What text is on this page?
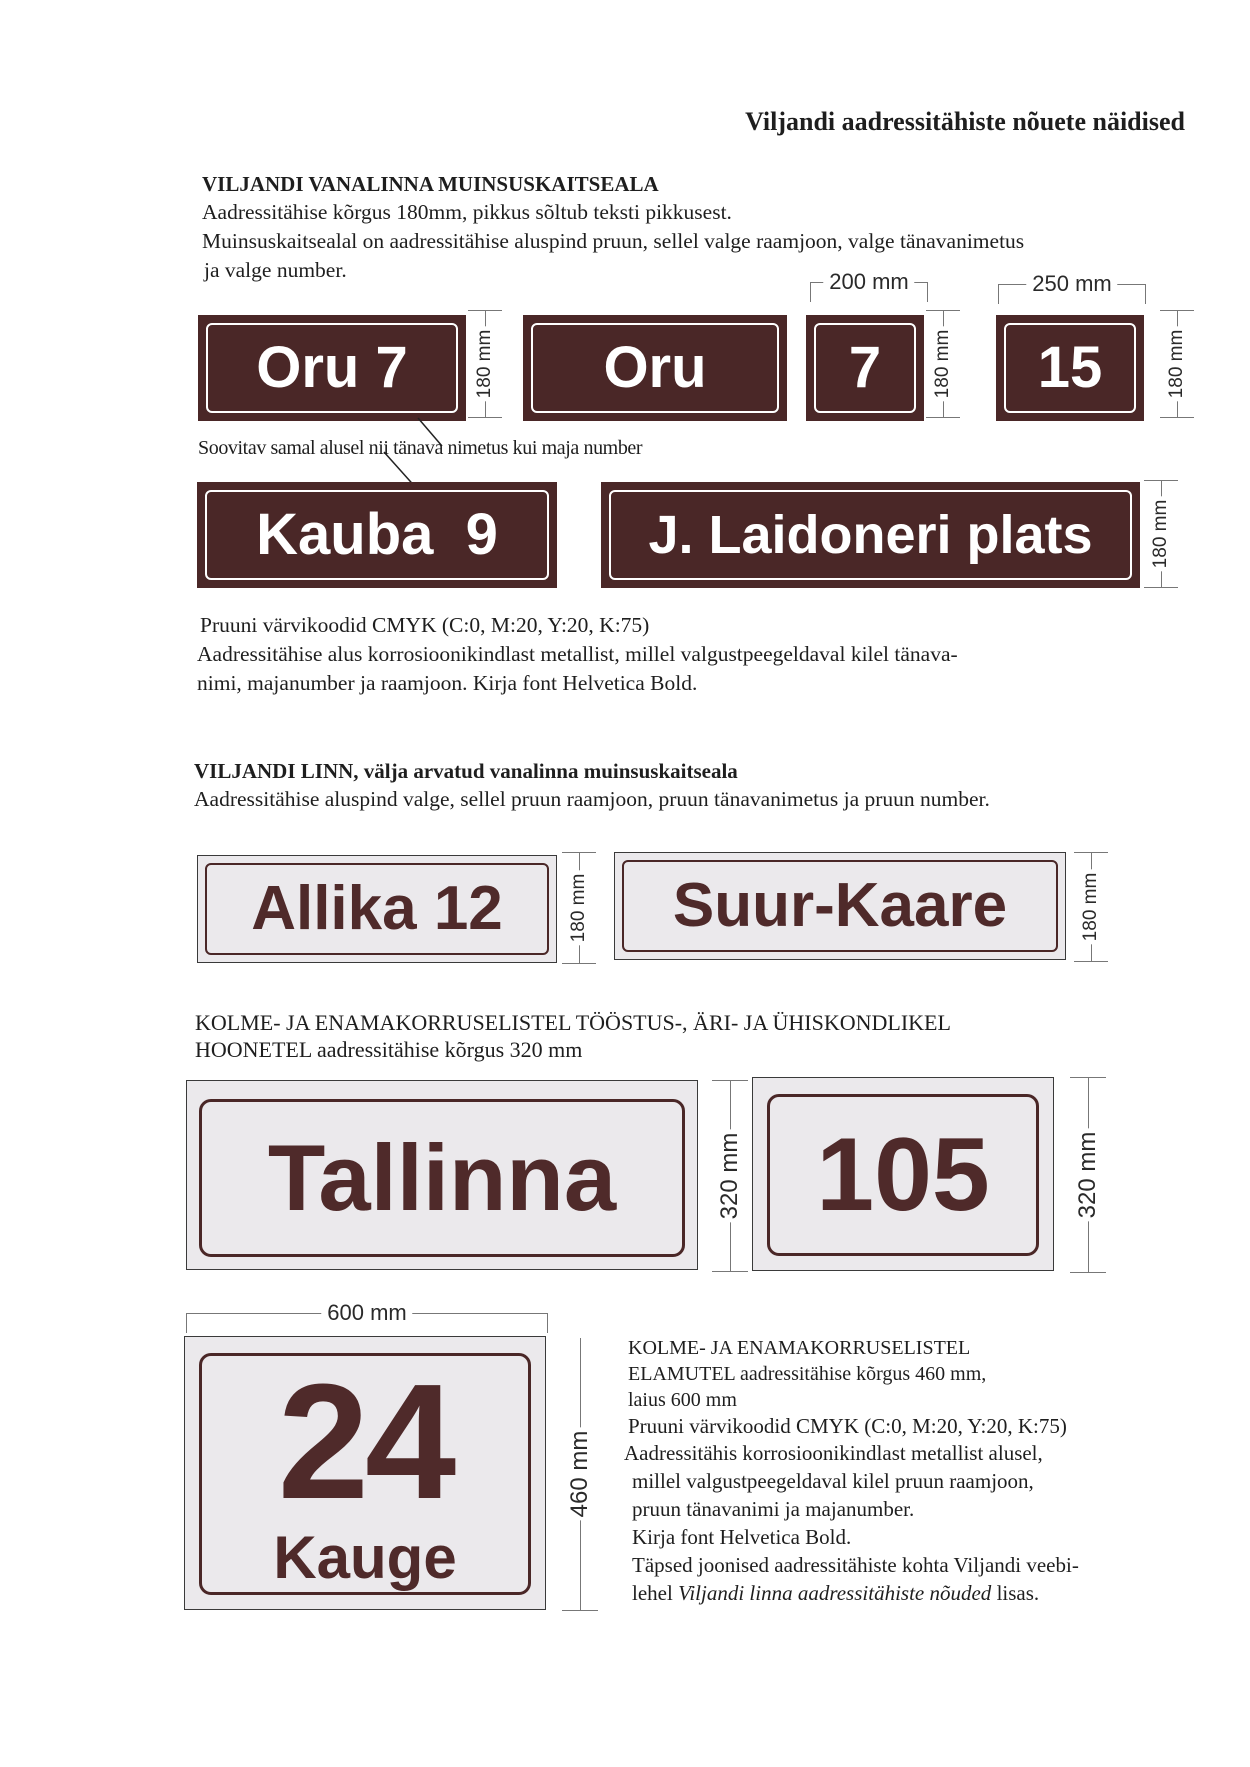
Viljandi aadressitähiste nõuete näidised
VILJANDI VANALINNA MUINSUSKAITSEALA
Aadressitähise kõrgus 180mm, pikkus sõltub teksti pikkusest.
Muinsuskaitsealal on aadressitähise aluspind pruun, sellel valge raamjoon, valge tänavanimetus
ja valge number.	200 mm	250 mm
Oru 7	180 mm Oru 7	180 mm 15	180 mm
Soovitav samal alusel nii tänava nimetus kui maja number
Kauba  9	J. Laidoneri plats	180 mm
Pruuni värvikoodid CMYK (C:0, M:20, Y:20, K:75)
Aadressitähise alus korrosioonikindlast metallist, millel valgustpeegeldaval kilel tänava-
nimi, majanumber ja raamjoon. Kirja font Helvetica Bold.
VILJANDI LINN, välja arvatud vanalinna muinsuskaitseala
Aadressitähise aluspind valge, sellel pruun raamjoon, pruun tänavanimetus ja pruun number.
Allika 12	180 mm Suur-Kaare	180 mm
KOLME- JA ENAMAKORRUSELISTEL TÖÖSTUS-, ÄRI- JA ÜHISKONDLIKEL
HOONETEL aadressitähise kõrgus 320 mm
Tallinna	320 mm 105	320 mm
600 mm
24
Kauge
460 mm
KOLME- JA ENAMAKORRUSELISTEL
ELAMUTEL aadressitähise kõrgus 460 mm,
laius 600 mm
Pruuni värvikoodid CMYK (C:0, M:20, Y:20, K:75)
Aadressitähis korrosioonikindlast metallist alusel,
millel valgustpeegeldaval kilel pruun raamjoon,
pruun tänavanimi ja majanumber.
Kirja font Helvetica Bold.
Täpsed joonised aadressitähiste kohta Viljandi veebi-
lehel Viljandi linna aadressitähiste nõuded lisas.
